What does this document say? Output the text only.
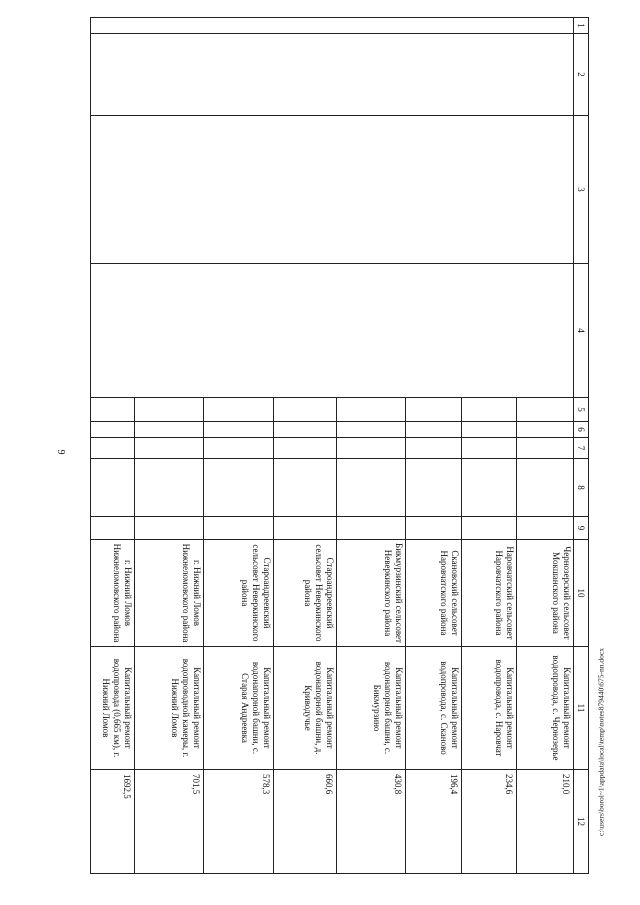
9
1	2	3	4	5	6	7	8	9	10	11	12
									Чернозерский сельсовет Мокшанского района	Капитальный ремонт водопровода, с. Чернозерье	210,0
									Наровчатский сельсовет Наровчатского района	Капитальный ремонт водопровода, с. Наровчат	234,6
									Скановский сельсовет Наровчатского района	Капитальный ремонт водопровода, с. Сканово	196,4
									Бикмурзинский сельсовет Неверкинского района	Капитальный ремонт водонапорной башни, с. Бикмурзино	430,8
									Староандреевский сельсовет Неверкинского района	Капитальный ремонт водонапорной башни, д. Криводучье	660,6
									Староандреевский сельсовет Неверкинского района	Капитальный ремонт водонапорной башни, с. Старая Андреевка	578,3
									г. Нижний Ломов Нижнеломовского района	Капитальный ремонт водопроводной камеры, г. Нижний Ломов	701,5
									г. Нижний Ломов Нижнеломовского района	Капитальный ремонт водопровода (0,665 км), г. Нижний Ломов	1692,5	c:\users\borol~1\appdata\local\temp\notes879440\675-nn.docx
